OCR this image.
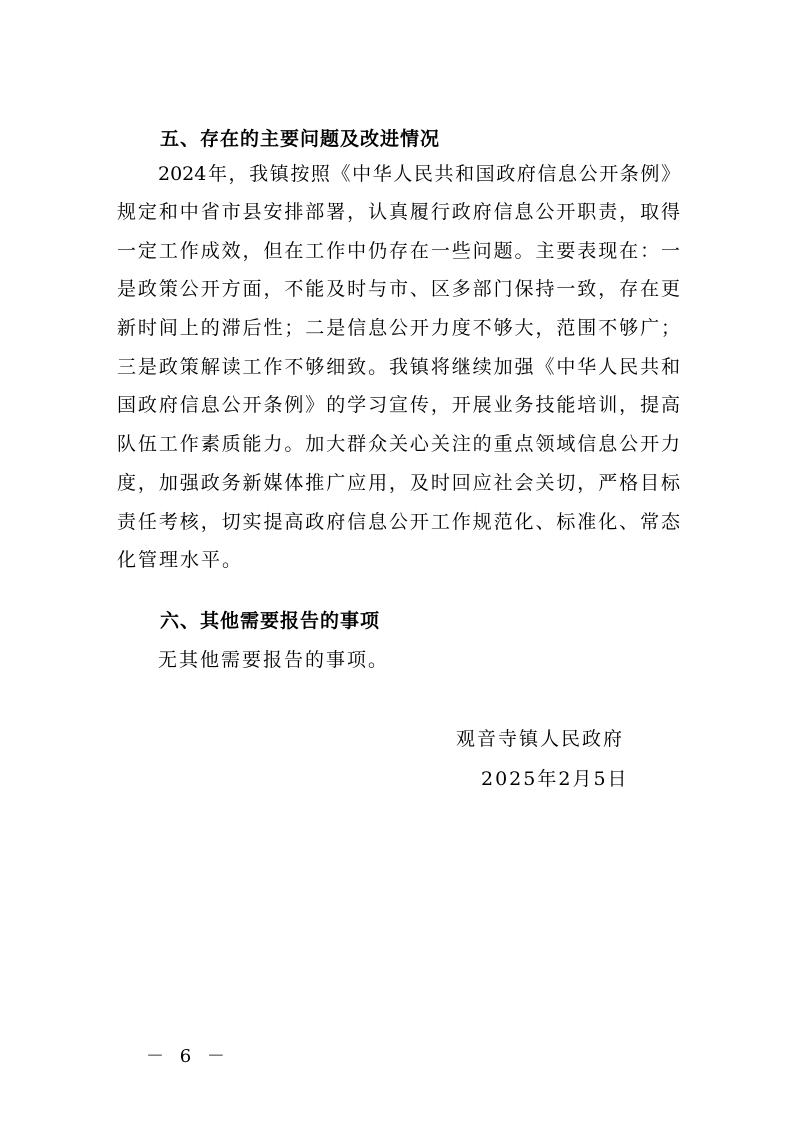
五、存在的主要问题及改进情况
2024年，我镇按照《中华人民共和国政府信息公开条例》
规定和中省市县安排部署，认真履行政府信息公开职责，取得
一定工作成效，但在工作中仍存在一些问题。主要表现在：一
是政策公开方面，不能及时与市、区多部门保持一致，存在更
新时间上的滞后性；二是信息公开力度不够大，范围不够广；
三是政策解读工作不够细致。我镇将继续加强《中华人民共和
国政府信息公开条例》的学习宣传，开展业务技能培训，提高
队伍工作素质能力。加大群众关心关注的重点领域信息公开力
度，加强政务新媒体推广应用，及时回应社会关切，严格目标
责任考核，切实提高政府信息公开工作规范化、标准化、常态
化管理水平。
六、其他需要报告的事项
无其他需要报告的事项。
观音寺镇人民政府
2025年2月5日
－ 6 －
